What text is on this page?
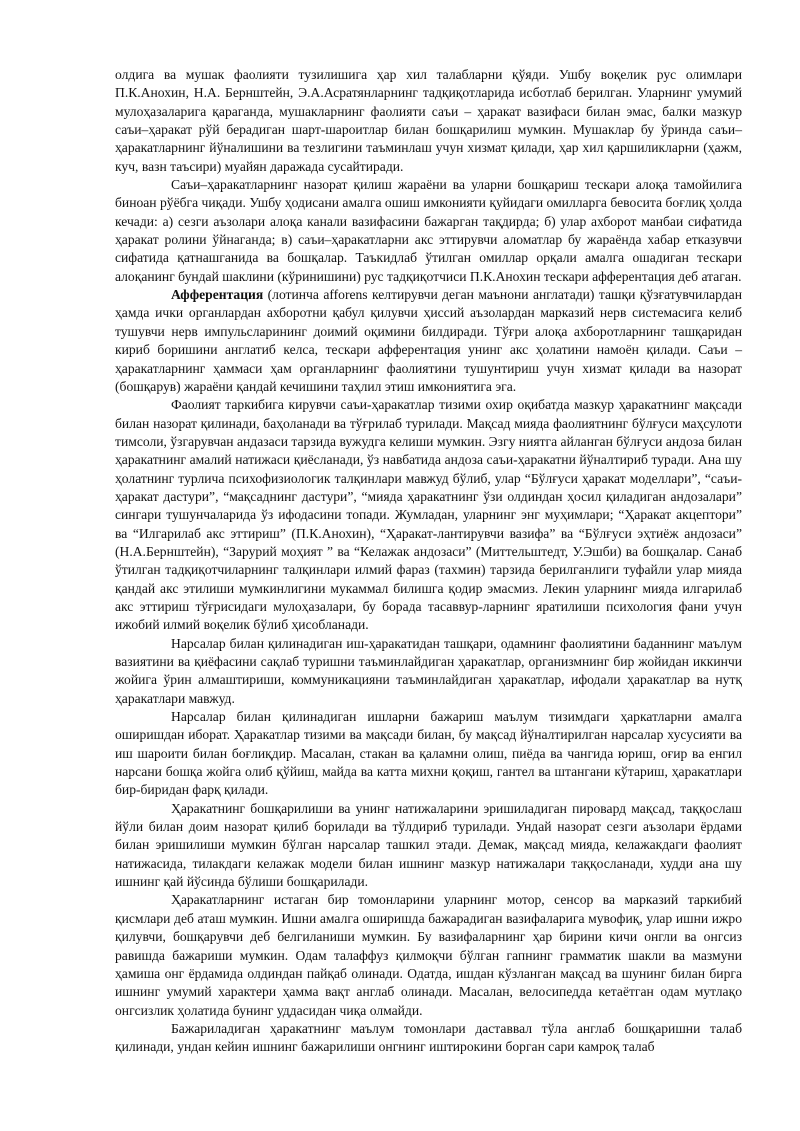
олдига ва мушак фаолияти тузилишига ҳар хил талабларни қўяди. Ушбу воқелик рус олимлари П.К.Анохин, Н.А. Бернштейн, Э.А.Асратянларнинг тадқиқотларида исботлаб берилган. Уларнинг умумий мулоҳазаларига қараганда, мушакларнинг фаолияти саъи – ҳаракат вазифаси билан эмас, балки мазкур саъи–ҳаракат рўй берадиган шарт-шароитлар билан бошқарилиш мумкин. Мушаклар бу ўринда саъи– ҳаракатларнинг йўналишини ва тезлигини таъминлаш учун хизмат қилади, ҳар хил қаршиликларни (ҳажм, куч, вазн таъсири) муайян даражада сусайтиради.

Саъи–ҳаракатларнинг назорат қилиш жараёни ва уларни бошқариш тескари алоқа тамойилига биноан рўёбга чиқади. Ушбу ҳодисани амалга ошиш имконияти қуйидаги омилларга бевосита боғлиқ ҳолда кечади: а) сезги аъзолари алоқа канали вазифасини бажарган тақдирда; б) улар ахборот манбаи сифатида ҳаракат ролини ўйнаганда; в) саъи–ҳаракатларни акс эттирувчи аломатлар бу жараёнда хабар етказувчи сифатида қатнашганида ва бошқалар. Таъкидлаб ўтилган омиллар орқали амалга ошадиган тескари алоқанинг бундай шаклини (кўринишини) рус тадқиқотчиси П.К.Анохин тескари афферентация деб атаган.

Афферентация (лотинча afforens келтирувчи деган маънони англатади) ташқи қўзғатувчилардан ҳамда ички органлардан ахборотни қабул қилувчи ҳиссий аъзолардан марказий нерв системасига келиб тушувчи нерв импульсларининг доимий оқимини билдиради. Тўғри алоқа ахборотларнинг ташқаридан кириб боришини англатиб келса, тескари афферентация унинг акс ҳолатини намоён қилади. Саъи – ҳаракатларнинг ҳаммаси ҳам органларнинг фаолиятини тушунтириш учун хизмат қилади ва назорат (бошқарув) жараёни қандай кечишини таҳлил этиш имкониятига эга.

Фаолият таркибига кирувчи саъи-ҳаракатлар тизими охир оқибатда мазкур ҳаракатнинг мақсади билан назорат қилинади, баҳоланади ва тўғрилаб турилади. Мақсад мияда фаолиятнинг бўлғуси маҳсулоти тимсоли, ўзгарувчан андазаси тарзида вужудга келиши мумкин. Эзгу ниятга айланган бўлғуси андоза билан ҳаракатнинг амалий натижаси қиёсланади, ўз навбатида андоза саъи-ҳаракатни йўналтириб туради. Ана шу ҳолатнинг турлича психофизиологик талқинлари мавжуд бўлиб, улар “Бўлғуси ҳаракат моделлари”, “саъи-ҳаракат дастури”, “мақсаднинг дастури”, “мияда ҳаракатнинг ўзи олдиндан ҳосил қиладиган андозалари” сингари тушунчаларида ўз ифодасини топади. Жумладан, уларнинг энг муҳимлари; “Ҳаракат акцептори” ва “Илгарилаб акс эттириш” (П.К.Анохин), “Ҳаракат-лантирувчи вазифа” ва “Бўлғуси эҳтиёж андозаси” (Н.А.Бернштейн), “Зарурий моҳият ” ва “Келажак андозаси” (Миттельштедт, У.Эшби) ва бошқалар. Санаб ўтилган тадқиқотчиларнинг талқинлари илмий фараз (тахмин) тарзида берилганлиги туфайли улар мияда қандай акс этилиши мумкинлигини мукаммал билишга қодир эмасмиз. Лекин уларнинг мияда илгарилаб акс эттириш тўғрисидаги мулоҳазалари, бу борада тасаввур-ларнинг яратилиши психология фани учун ижобий илмий воқелик бўлиб ҳисобланади.

Нарсалар билан қилинадиган иш-ҳаракатидан ташқари, одамнинг фаолиятини баданнинг маълум вазиятини ва қиёфасини сақлаб туришни таъминлайдиган ҳаракатлар, организмнинг бир жойидан иккинчи жойига ўрин алмаштириши, коммуникацияни таъминлайдиган ҳаракатлар, ифодали ҳаракатлар ва нутқ ҳаракатлари мавжуд.

Нарсалар билан қилинадиган ишларни бажариш маълум тизимдаги ҳаркатларни амалга оширишдан иборат. Ҳаракатлар тизими ва мақсади билан, бу мақсад йўналтирилган нарсалар хусусияти ва иш шароити билан боғлиқдир. Масалан, стакан ва қаламни олиш, пиёда ва чангида юриш, оғир ва енгил нарсани бошқа жойга олиб қўйиш, майда ва катта михни қоқиш, гантел ва штангани кўтариш, ҳаракатлари бир-биридан фарқ қилади.

Ҳаракатнинг бошқарилиши ва унинг натижаларини эришиладиган пировард мақсад, таққослаш йўли билан доим назорат қилиб борилади ва тўлдириб турилади. Ундай назорат сезги аъзолари ёрдами билан эришилиши мумкин бўлган нарсалар ташкил этади. Демак, мақсад мияда, келажакдаги фаолият натижасида, тилакдаги келажак модели билан ишнинг мазкур натижалари таққосланади, худди ана шу ишнинг қай йўсинда бўлиши бошқарилади.

Ҳаракатларнинг истаган бир томонларини уларнинг мотор, сенсор ва марказий таркибий қисмлари деб аташ мумкин. Ишни амалга оширишда бажарадиган вазифаларига мувофиқ, улар ишни ижро қилувчи, бошқарувчи деб белгиланиши мумкин. Бу вазифаларнинг ҳар бирини кичи онгли ва онгсиз равишда бажариши мумкин. Одам талаффуз қилмоқчи бўлган гапнинг грамматик шакли ва мазмуни ҳамиша онг ёрдамида олдиндан пайқаб олинади. Одатда, ишдан кўзланган мақсад ва шунинг билан бирга ишнинг умумий характери ҳамма вақт англаб олинади. Масалан, велосипедда кетаётган одам мутлақо онгсизлик ҳолатида бунинг уддасидан чиқа олмайди.

Бажариладиган ҳаракатнинг маълум томонлари даставвал тўла англаб бошқаришни талаб қилинади, ундан кейин ишнинг бажарилиши онгнинг иштирокини борган сари камроқ талаб
